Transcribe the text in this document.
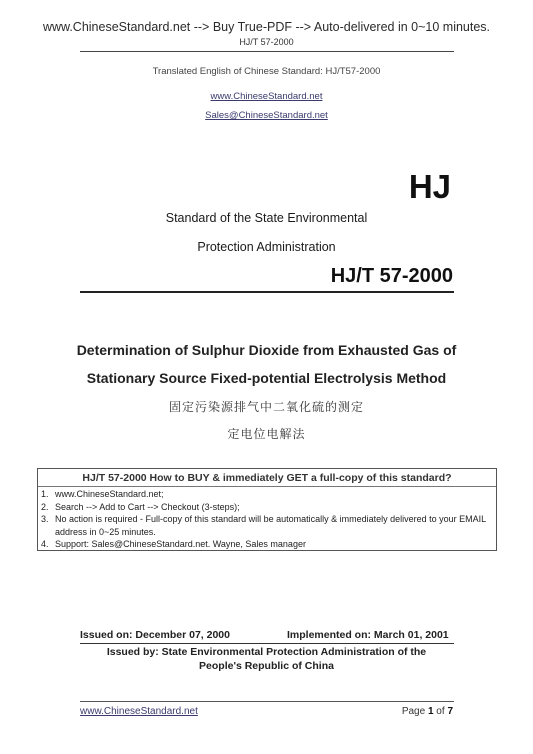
www.ChineseStandard.net --> Buy True-PDF --> Auto-delivered in 0~10 minutes.
HJ/T 57-2000
Translated English of Chinese Standard: HJ/T57-2000
www.ChineseStandard.net
Sales@ChineseStandard.net
HJ
Standard of the State Environmental
Protection Administration
HJ/T 57-2000
Determination of Sulphur Dioxide from Exhausted Gas of
Stationary Source Fixed-potential Electrolysis Method
固定污染源排气中二氧化硫的测定
定电位电解法
HJ/T 57-2000 How to BUY & immediately GET a full-copy of this standard?
1. www.ChineseStandard.net;
2. Search --> Add to Cart --> Checkout (3-steps);
3. No action is required - Full-copy of this standard will be automatically & immediately delivered to your EMAIL address in 0~25 minutes.
4. Support: Sales@ChineseStandard.net. Wayne, Sales manager
Issued on: December 07, 2000	Implemented on: March 01, 2001
Issued by: State Environmental Protection Administration of the
People's Republic of China
www.ChineseStandard.net	Page 1 of 7
